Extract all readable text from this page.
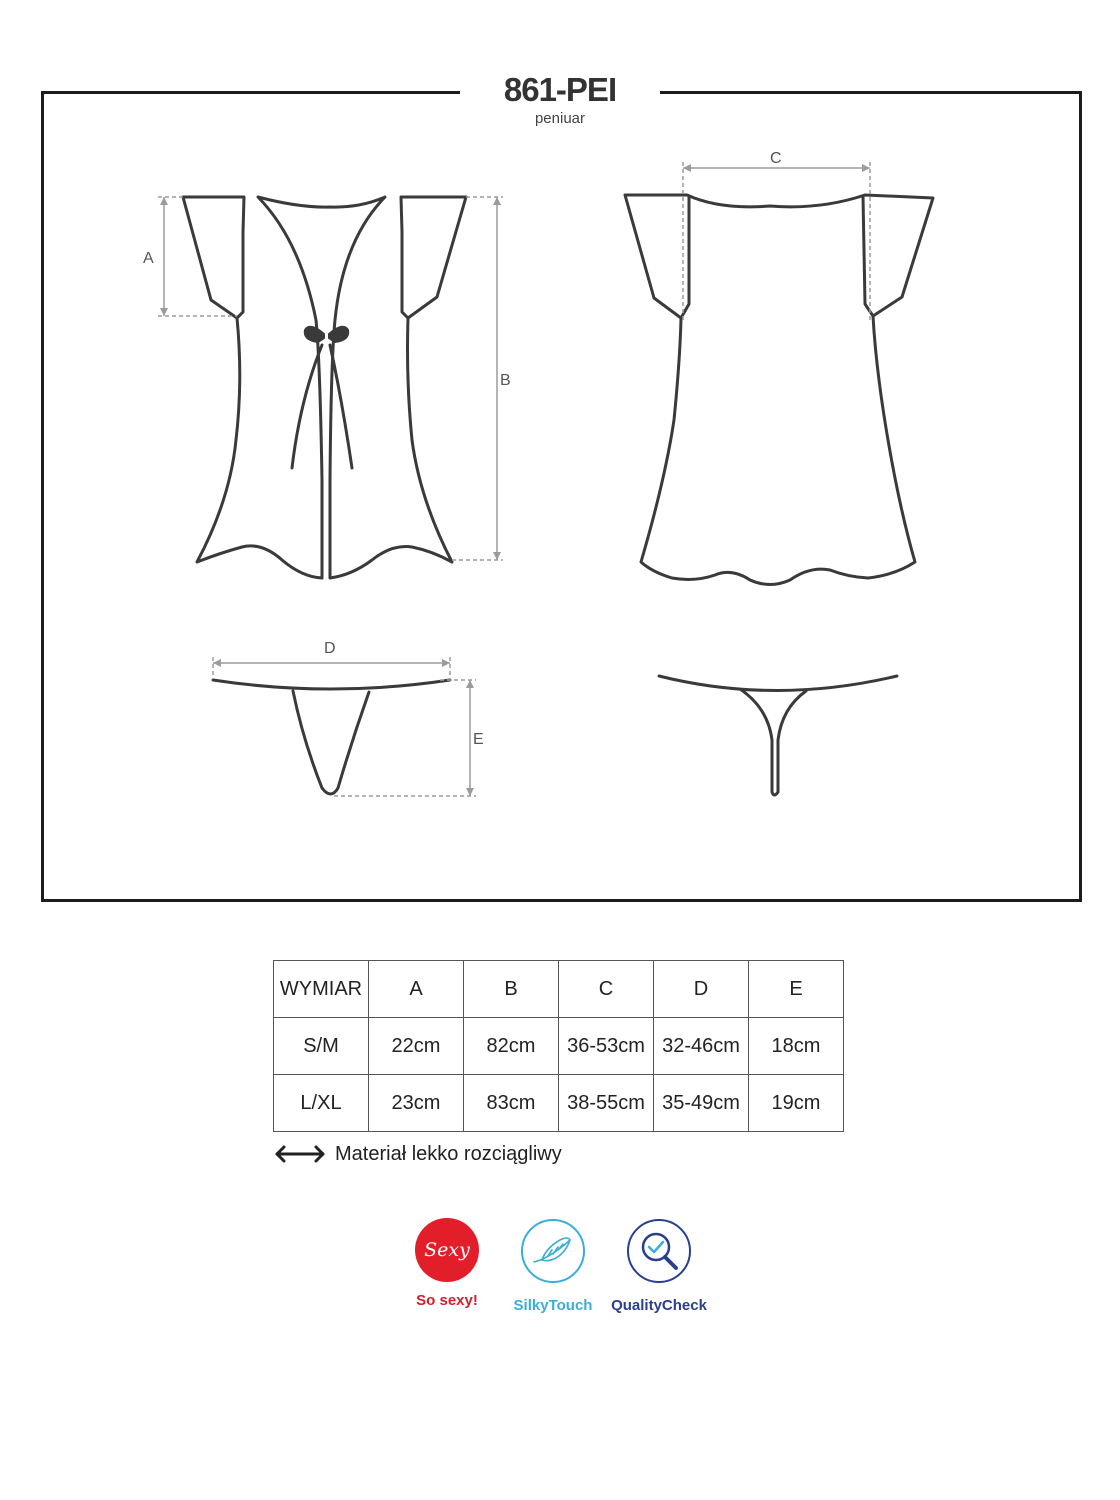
861-PEI
peniuar
A
B
C
D
E
WYMIAR	A	B	C	D	E
S/M	22cm	82cm	36-53cm	32-46cm	18cm
L/XL	23cm	83cm	38-55cm	35-49cm	19cm
Materiał lekko rozciągliwy
Sexy
So sexy!	SilkyTouch	QualityCheck
